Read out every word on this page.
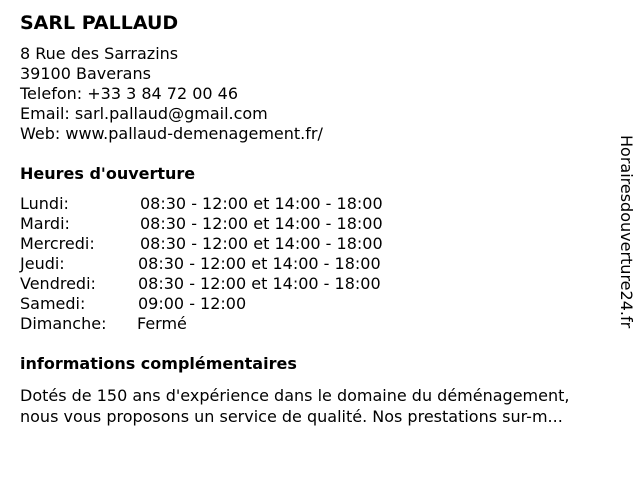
SARL PALLAUD
8 Rue des Sarrazins
39100 Baverans
Telefon: +33 3 84 72 00 46
Email: sarl.pallaud@gmail.com
Web: www.pallaud-demenagement.fr/
Heures d'ouverture
Lundi:	08:30 - 12:00 et 14:00 - 18:00
Mardi:	08:30 - 12:00 et 14:00 - 18:00
Mercredi:	08:30 - 12:00 et 14:00 - 18:00
Jeudi:	08:30 - 12:00 et 14:00 - 18:00
Vendredi:	08:30 - 12:00 et 14:00 - 18:00
Samedi:	09:00 - 12:00
Dimanche: Fermé
informations complémentaires
Dotés de 150 ans d'expérience dans le domaine du déménagement,
nous vous proposons un service de qualité. Nos prestations sur-m...
Horairesdouverture24.fr
